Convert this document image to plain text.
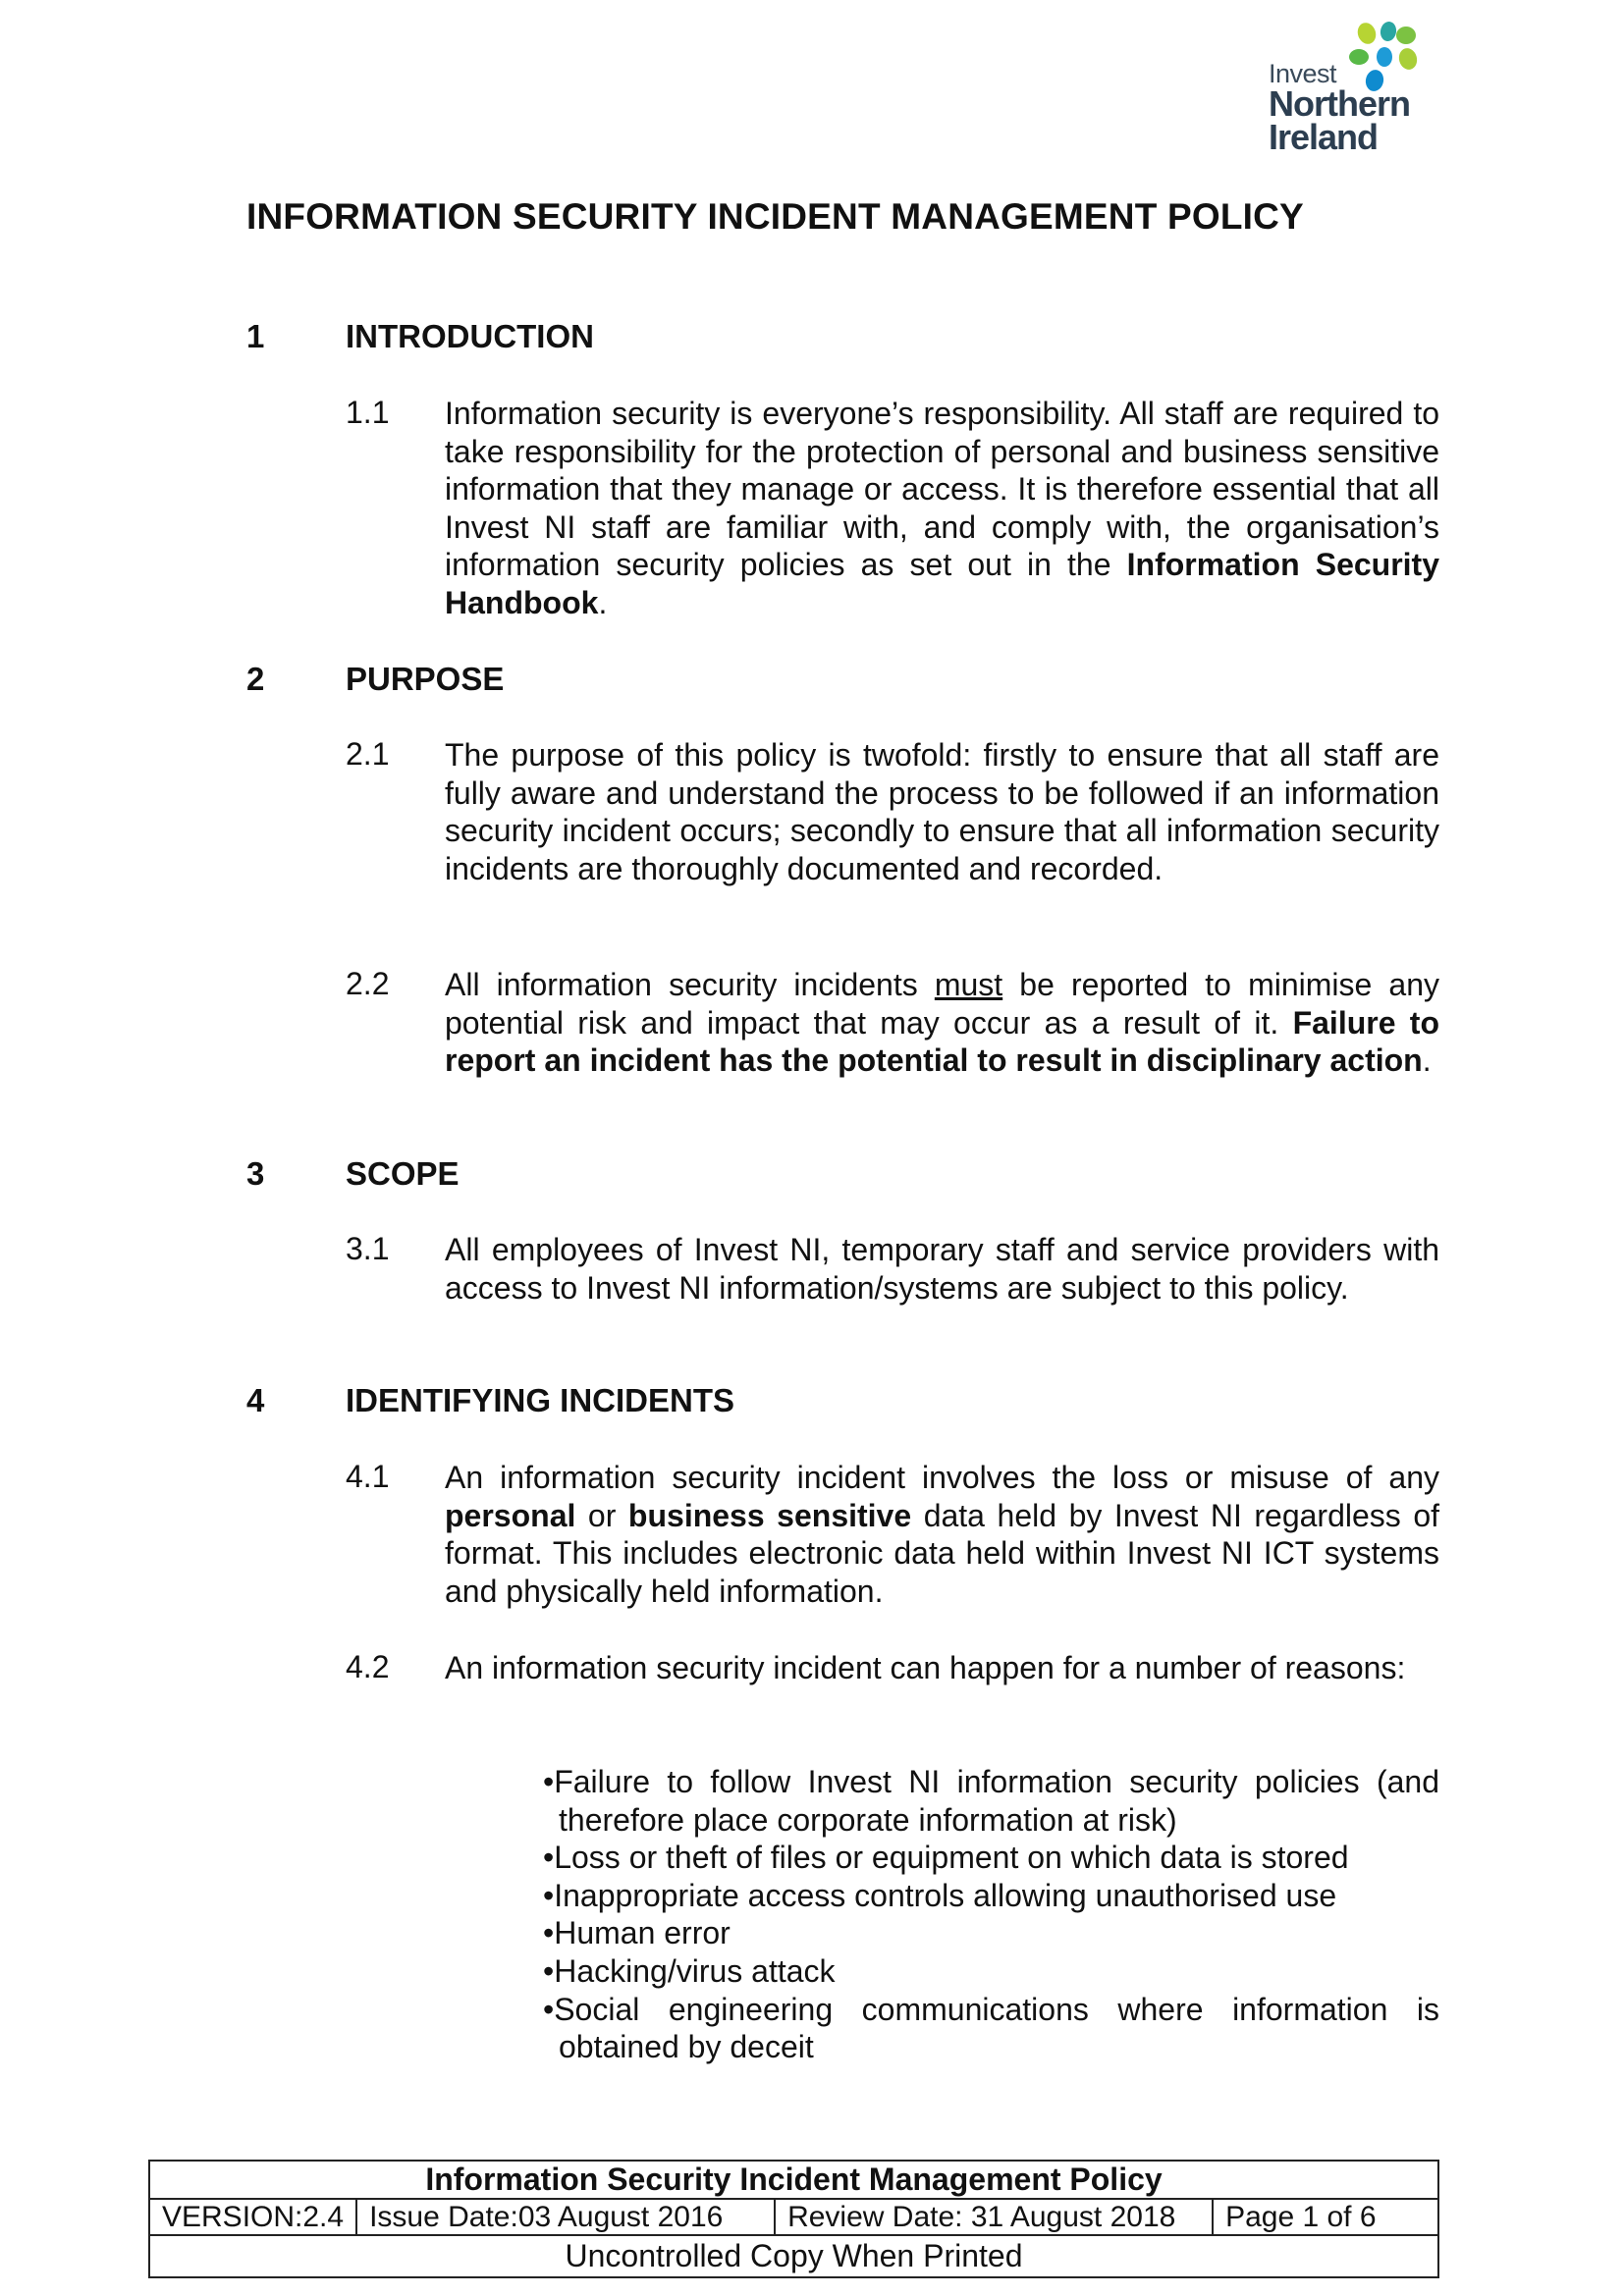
Invest
Northern
Ireland
INFORMATION SECURITY INCIDENT MANAGEMENT POLICY
1	INTRODUCTION
1.1 Information security is everyone’s responsibility. All staff are required to take responsibility for the protection of personal and business sensitive information that they manage or access. It is therefore essential that all Invest NI staff are familiar with, and comply with, the organisation’s information security policies as set out in the Information Security Handbook.
2	PURPOSE
2.1 The purpose of this policy is twofold: firstly to ensure that all staff are fully aware and understand the process to be followed if an information security incident occurs; secondly to ensure that all information security incidents are thoroughly documented and recorded.
2.2 All information security incidents must be reported to minimise any potential risk and impact that may occur as a result of it. Failure to report an incident has the potential to result in disciplinary action.
3	SCOPE
3.1 All employees of Invest NI, temporary staff and service providers with access to Invest NI information/systems are subject to this policy.
4	IDENTIFYING INCIDENTS
4.1 An information security incident involves the loss or misuse of any personal or business sensitive data held by Invest NI regardless of format. This includes electronic data held within Invest NI ICT systems and physically held information.
4.2 An information security incident can happen for a number of reasons:
• Failure to follow Invest NI information security policies (and therefore place corporate information at risk)
• Loss or theft of files or equipment on which data is stored
• Inappropriate access controls allowing unauthorised use
• Human error
• Hacking/virus attack
• Social engineering communications where information is obtained by deceit
Information Security Incident Management Policy
VERSION:2.4	Issue Date:03 August 2016	Review Date: 31 August 2018	Page 1 of 6
Uncontrolled Copy When Printed
